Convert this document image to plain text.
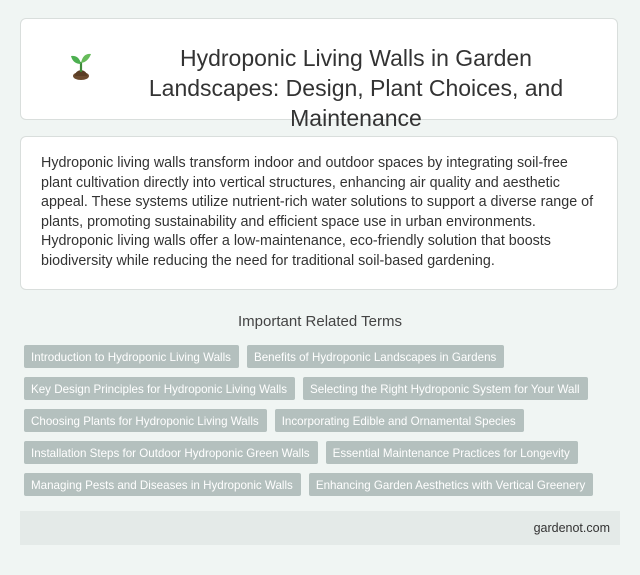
Hydroponic Living Walls in Garden Landscapes: Design, Plant Choices, and Maintenance

Hydroponic living walls transform indoor and outdoor spaces by integrating soil-free plant cultivation directly into vertical structures, enhancing air quality and aesthetic appeal. These systems utilize nutrient-rich water solutions to support a diverse range of plants, promoting sustainability and efficient space use in urban environments. Hydroponic living walls offer a low-maintenance, eco-friendly solution that boosts biodiversity while reducing the need for traditional soil-based gardening.

Important Related Terms
Introduction to Hydroponic Living Walls	Benefits of Hydroponic Landscapes in Gardens
Key Design Principles for Hydroponic Living Walls	Selecting the Right Hydroponic System for Your Wall
Choosing Plants for Hydroponic Living Walls	Incorporating Edible and Ornamental Species
Installation Steps for Outdoor Hydroponic Green Walls	Essential Maintenance Practices for Longevity
Managing Pests and Diseases in Hydroponic Walls	Enhancing Garden Aesthetics with Vertical Greenery
gardenot.com
